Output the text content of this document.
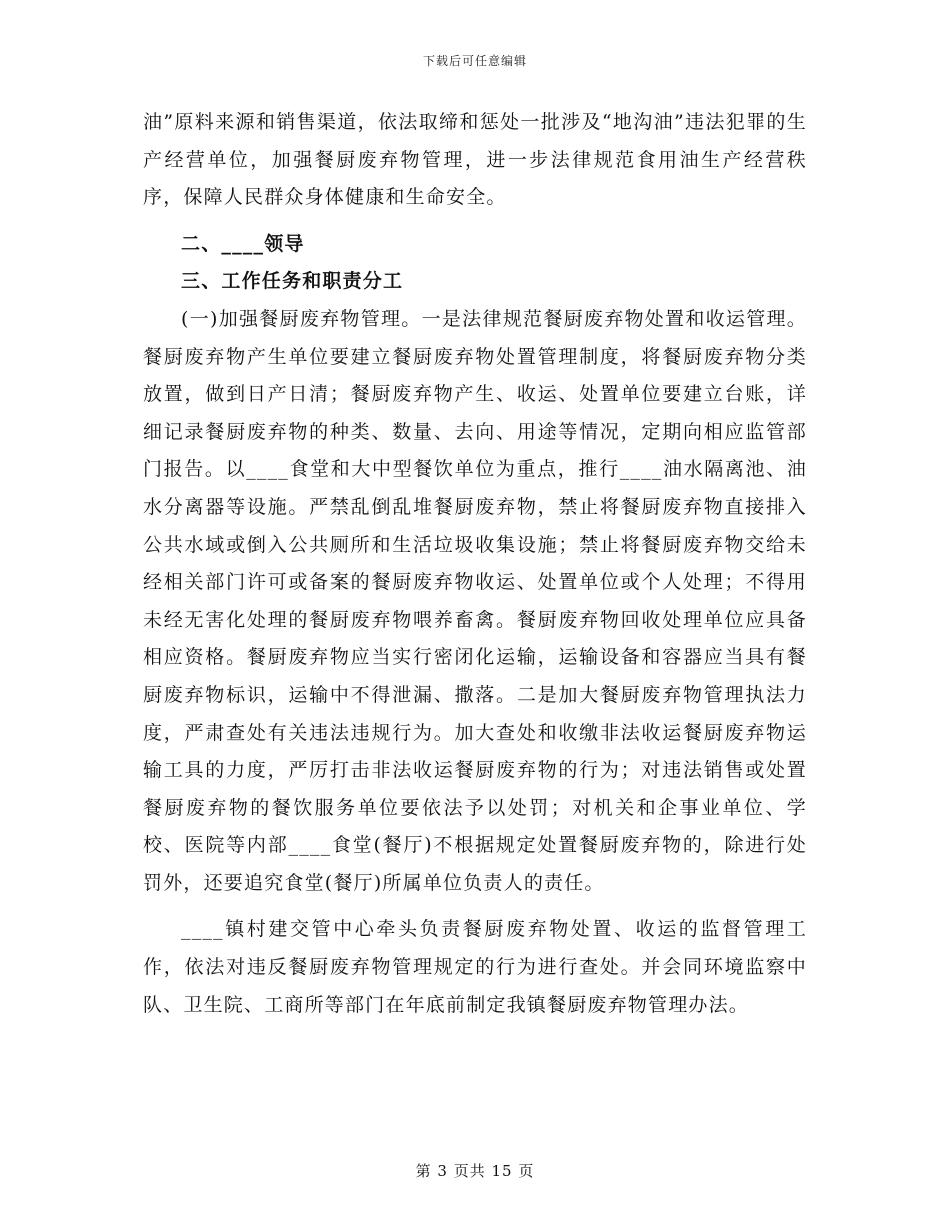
下载后可任意编辑

油”原料来源和销售渠道，依法取缔和惩处一批涉及“地沟油”违法犯罪的生产经营单位，加强餐厨废弃物管理，进一步法律规范食用油生产经营秩序，保障人民群众身体健康和生命安全。

二、____领导

三、工作任务和职责分工

(一)加强餐厨废弃物管理。一是法律规范餐厨废弃物处置和收运管理。餐厨废弃物产生单位要建立餐厨废弃物处置管理制度，将餐厨废弃物分类放置，做到日产日清；餐厨废弃物产生、收运、处置单位要建立台账，详细记录餐厨废弃物的种类、数量、去向、用途等情况，定期向相应监管部门报告。以____食堂和大中型餐饮单位为重点，推行____油水隔离池、油水分离器等设施。严禁乱倒乱堆餐厨废弃物，禁止将餐厨废弃物直接排入公共水域或倒入公共厕所和生活垃圾收集设施；禁止将餐厨废弃物交给未经相关部门许可或备案的餐厨废弃物收运、处置单位或个人处理；不得用未经无害化处理的餐厨废弃物喂养畜禽。餐厨废弃物回收处理单位应具备相应资格。餐厨废弃物应当实行密闭化运输，运输设备和容器应当具有餐厨废弃物标识，运输中不得泄漏、撒落。二是加大餐厨废弃物管理执法力度，严肃查处有关违法违规行为。加大查处和收缴非法收运餐厨废弃物运输工具的力度，严厉打击非法收运餐厨废弃物的行为；对违法销售或处置餐厨废弃物的餐饮服务单位要依法予以处罚；对机关和企事业单位、学校、医院等内部____食堂(餐厅)不根据规定处置餐厨废弃物的，除进行处罚外，还要追究食堂(餐厅)所属单位负责人的责任。

____镇村建交管中心牵头负责餐厨废弃物处置、收运的监督管理工作，依法对违反餐厨废弃物管理规定的行为进行查处。并会同环境监察中队、卫生院、工商所等部门在年底前制定我镇餐厨废弃物管理办法。

第 3 页共 15 页
